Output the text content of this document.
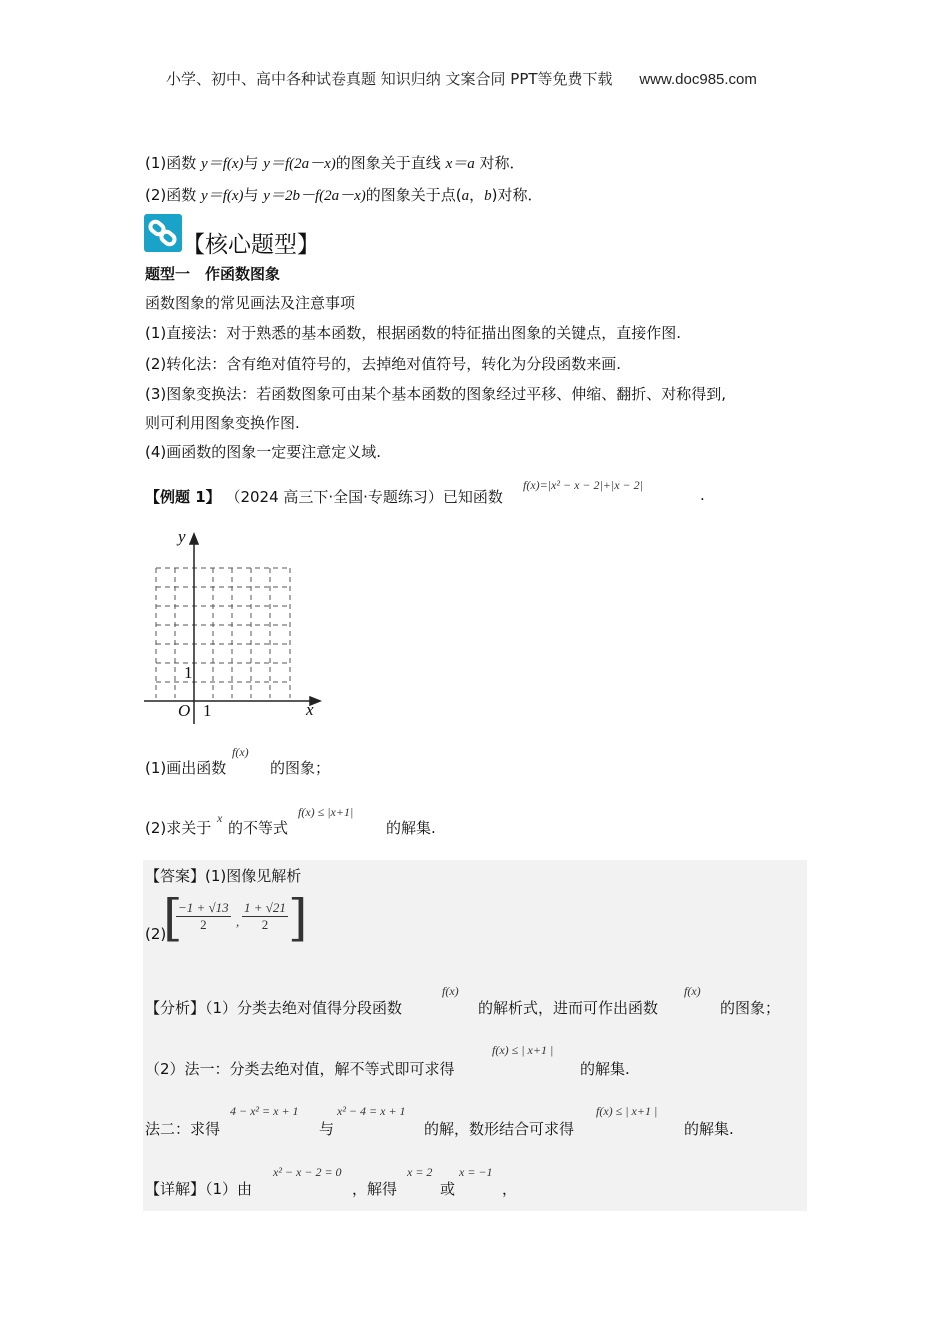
小学、初中、高中各种试卷真题 知识归纳 文案合同 PPT等免费下载 www.doc985.com
(1)函数 y＝f(x)与 y＝f(2a－x)的图象关于直线 x＝a 对称．
(2)函数 y＝f(x)与 y＝2b－f(2a－x)的图象关于点(a，b)对称．
【核心题型】
题型一　作函数图象
函数图象的常见画法及注意事项
(1)直接法：对于熟悉的基本函数，根据函数的特征描出图象的关键点，直接作图.
(2)转化法：含有绝对值符号的，去掉绝对值符号，转化为分段函数来画.
(3)图象变换法：若函数图象可由某个基本函数的图象经过平移、伸缩、翻折、对称得到,
则可利用图象变换作图.
(4)画函数的图象一定要注意定义域.
【例题 1】 （2024 高三下·全国·专题练习）已知函数
f(x)=|x² − x − 2|+|x − 2|
.
y
x
O 1
1
(1)画出函数
f(x)
的图象；
(2)求关于
x
的不等式
f(x) ≤ |x+1|
的解集.
【答案】(1)图像见解析
(2)
[
$\frac{-1 + √13}{2}$ , $\frac{1 + √21}{2}$ ]
【分析】（1）分类去绝对值得分段函数
f(x)
的解析式，进而可作出函数
f(x)
的图象；
（2）法一：分类去绝对值，解不等式即可求得
f(x) ≤ | x+1 |
的解集.
法二：求得
4 − x² = x + 1
与
x² − 4 = x + 1
的解，数形结合可求得
f(x) ≤ | x+1 |
的解集.
【详解】（1）由
x² − x − 2 = 0
，解得
x = 2
或
x = −1
，
